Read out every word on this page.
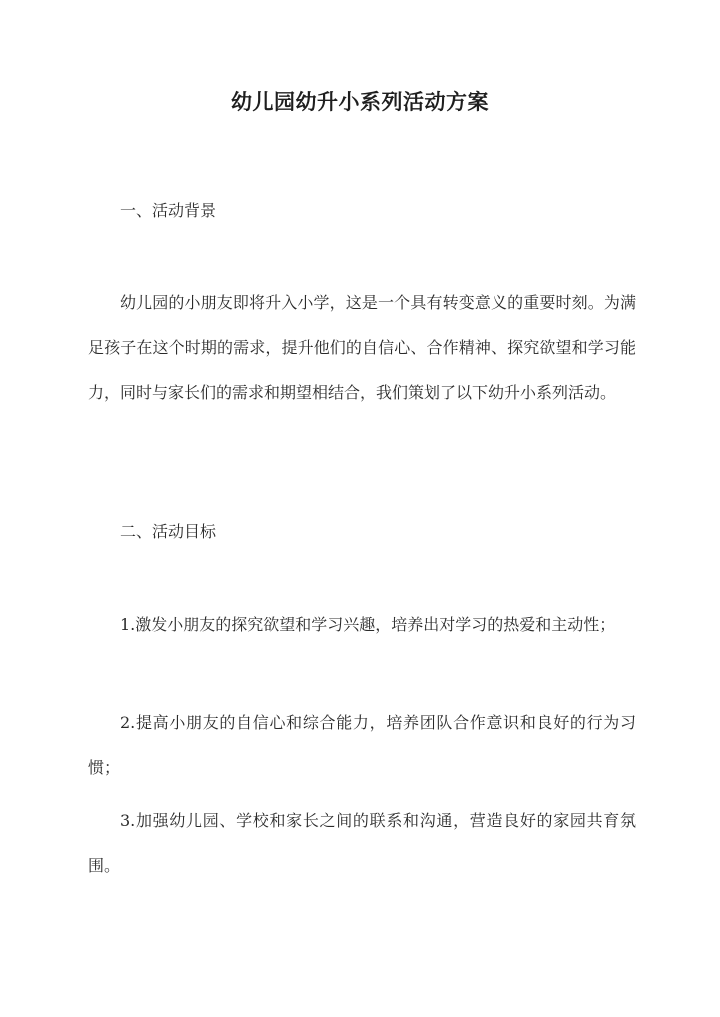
幼儿园幼升小系列活动方案
一、活动背景

幼儿园的小朋友即将升入小学，这是一个具有转变意义的重要时刻。为满足孩子在这个时期的需求，提升他们的自信心、合作精神、探究欲望和学习能力，同时与家长们的需求和期望相结合，我们策划了以下幼升小系列活动。

二、活动目标

1.激发小朋友的探究欲望和学习兴趣，培养出对学习的热爱和主动性；

2.提高小朋友的自信心和综合能力，培养团队合作意识和良好的行为习惯；

3.加强幼儿园、学校和家长之间的联系和沟通，营造良好的家园共育氛围。
